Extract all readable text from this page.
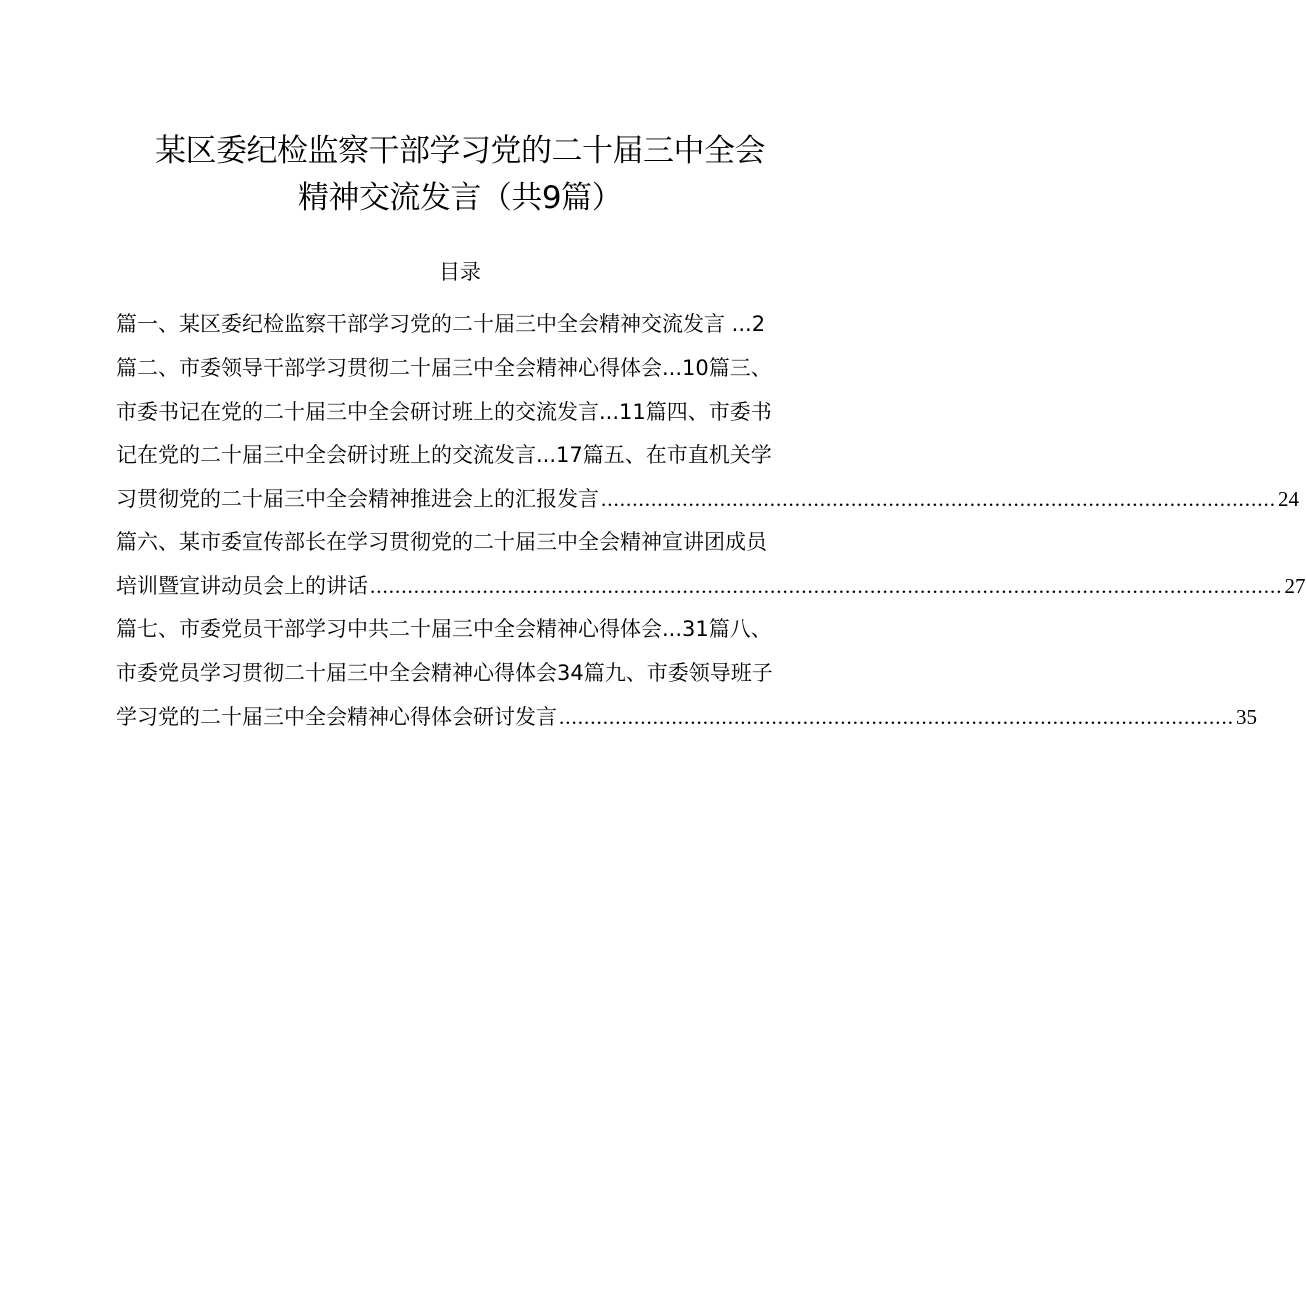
某区委纪检监察干部学习党的二十届三中全会
精神交流发言（共9篇）
目录
篇一、某区委纪检监察干部学习党的二十届三中全会精神交流发言 ...2
篇二、市委领导干部学习贯彻二十届三中全会精神心得体会...10篇三、
市委书记在党的二十届三中全会研讨班上的交流发言...11篇四、市委书
记在党的二十届三中全会研讨班上的交流发言...17篇五、在市直机关学
习贯彻党的二十届三中全会精神推进会上的汇报发言 ............................................................................................................ 24
篇六、某市委宣传部长在学习贯彻党的二十届三中全会精神宣讲团成员
培训暨宣讲动员会上的讲话 .................................................................................................................................................. 27
篇七、市委党员干部学习中共二十届三中全会精神心得体会...31篇八、
市委党员学习贯彻二十届三中全会精神心得体会34篇九、市委领导班子
学习党的二十届三中全会精神心得体会研讨发言 ............................................................................................................ 35
